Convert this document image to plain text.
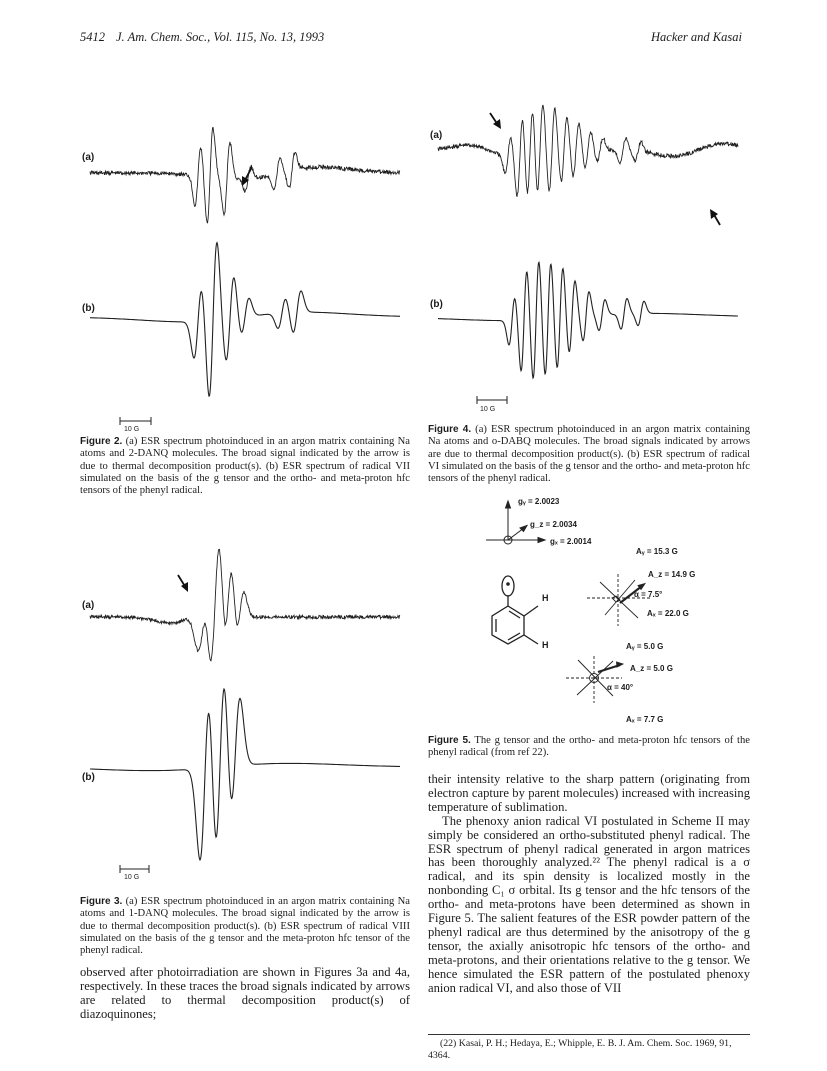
5412 J. Am. Chem. Soc., Vol. 115, No. 13, 1993	Hacker and Kasai
(a)
(b)
10 G
Figure 2. (a) ESR spectrum photoinduced in an argon matrix containing Na atoms and 2-DANQ molecules. The broad signal indicated by the arrow is due to thermal decomposition product(s). (b) ESR spectrum of radical VII simulated on the basis of the g tensor and the ortho- and meta-proton hfc tensors of the phenyl radical.
(a)
(b)
10 G
Figure 3. (a) ESR spectrum photoinduced in an argon matrix containing Na atoms and 1-DANQ molecules. The broad signal indicated by the arrow is due to thermal decomposition product(s). (b) ESR spectrum of radical VIII simulated on the basis of the g tensor and the meta-proton hfc tensor of the phenyl radical.

observed after photoirradiation are shown in Figures 3a and 4a, respectively. In these traces the broad signals indicated by arrows are related to thermal decomposition product(s) of diazoquinones;

(a)
(b)
10 G
Figure 4. (a) ESR spectrum photoinduced in an argon matrix containing Na atoms and o-DABQ molecules. The broad signals indicated by arrows are due to thermal decomposition product(s). (b) ESR spectrum of radical VI simulated on the basis of the g tensor and the ortho- and meta-proton hfc tensors of the phenyl radical.
gᵧ = 2.0023
g_z = 2.0034
gₓ = 2.0014
H
H
Aᵧ = 15.3 G
A_z = 14.9 G
α = 7.5°
Aₓ = 22.0 G
Aᵧ = 5.0 G
A_z = 5.0 G
α = 40°
Aₓ = 7.7 G
Figure 5. The g tensor and the ortho- and meta-proton hfc tensors of the phenyl radical (from ref 22).

their intensity relative to the sharp pattern (originating from electron capture by parent molecules) increased with increasing temperature of sublimation.

The phenoxy anion radical VI postulated in Scheme II may simply be considered an ortho-substituted phenyl radical. The ESR spectrum of phenyl radical generated in argon matrices has been thoroughly analyzed.²² The phenyl radical is a σ radical, and its spin density is localized mostly in the nonbonding C₁ σ orbital. Its g tensor and the hfc tensors of the ortho- and meta-protons have been determined as shown in Figure 5. The salient features of the ESR powder pattern of the phenyl radical are thus determined by the anisotropy of the g tensor, the axially anisotropic hfc tensors of the ortho- and meta-protons, and their orientations relative to the g tensor. We hence simulated the ESR pattern of the postulated phenoxy anion radical VI, and also those of VII

(22) Kasai, P. H.; Hedaya, E.; Whipple, E. B. J. Am. Chem. Soc. 1969, 91, 4364.
